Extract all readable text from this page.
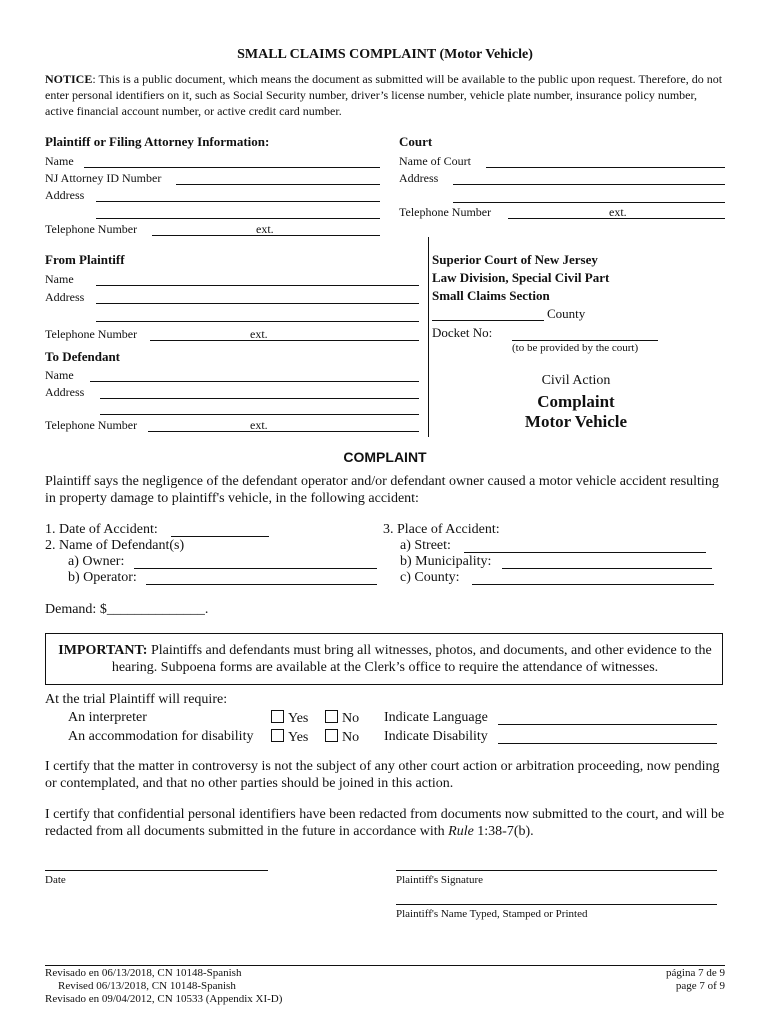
SMALL CLAIMS COMPLAINT (Motor Vehicle)
NOTICE: This is a public document, which means the document as submitted will be available to the public upon request. Therefore, do not enter personal identifiers on it, such as Social Security number, driver’s license number, vehicle plate number, insurance policy number, active financial account number, or active credit card number.
Plaintiff or Filing Attorney Information:
Name
NJ Attorney ID Number
Address
Telephone Number	ext.
Court
Name of Court
Address
Telephone Number	ext.
From Plaintiff
Name
Address
Telephone Number	ext.
To Defendant
Name
Address
Telephone Number	ext.
Superior Court of New Jersey
Law Division, Special Civil Part
Small Claims Section
County
Docket No:
(to be provided by the court)
Civil Action
Complaint
Motor Vehicle
COMPLAINT
Plaintiff says the negligence of the defendant operator and/or defendant owner caused a motor vehicle accident resulting in property damage to plaintiff's vehicle, in the following accident:
1. Date of Accident:
2. Name of Defendant(s)
a) Owner:
b) Operator:
3. Place of Accident:
a) Street:
b) Municipality:
c) County:
Demand: $______________.
IMPORTANT: Plaintiffs and defendants must bring all witnesses, photos, and documents, and other evidence to the hearing. Subpoena forms are available at the Clerk’s office to require the attendance of witnesses.
At the trial Plaintiff will require:
An interpreter	Yes	No Indicate Language
An accommodation for disability	Yes	No Indicate Disability
I certify that the matter in controversy is not the subject of any other court action or arbitration proceeding, now pending or contemplated, and that no other parties should be joined in this action.
I certify that confidential personal identifiers have been redacted from documents now submitted to the court, and will be redacted from all documents submitted in the future in accordance with Rule 1:38-7(b).
Date	Plaintiff's Signature
Plaintiff's Name Typed, Stamped or Printed
Revisado en 06/13/2018, CN 10148-Spanish
Revised 06/13/2018, CN 10148-Spanish
Revisado en 09/04/2012, CN 10533 (Appendix XI-D)
página 7 de 9
page 7 of 9
